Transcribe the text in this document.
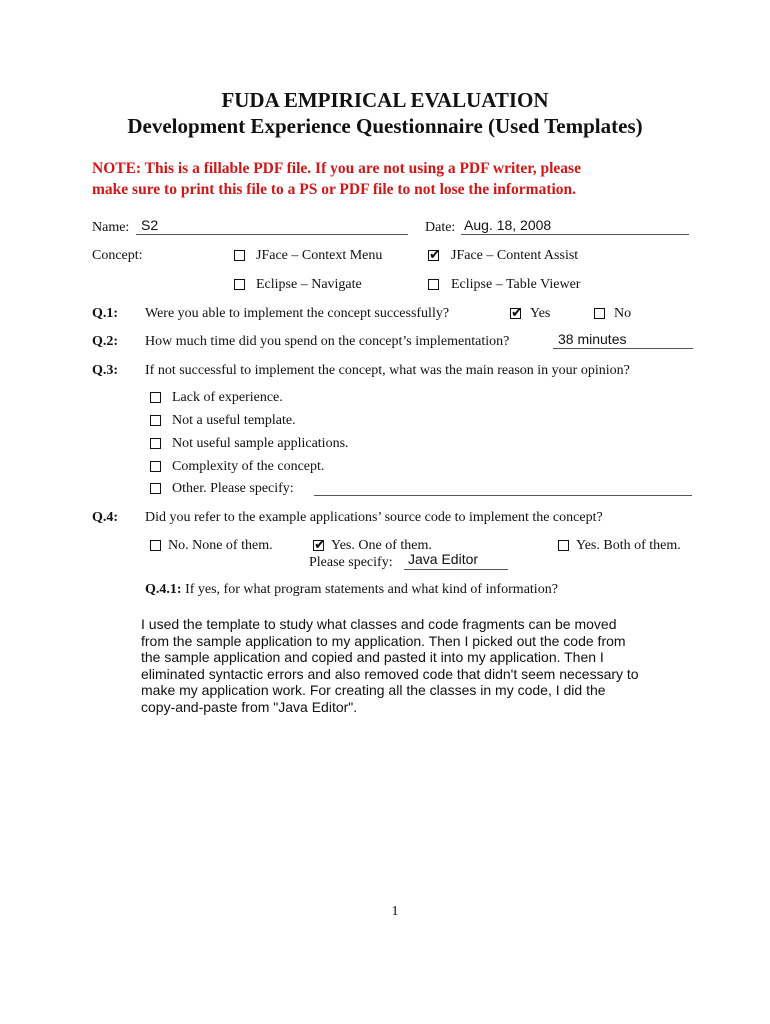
FUDA EMPIRICAL EVALUATION
Development Experience Questionnaire (Used Templates)
NOTE: This is a fillable PDF file. If you are not using a PDF writer, please
make sure to print this file to a PS or PDF file to not lose the information.
Name: S2	Date: Aug. 18, 2008
Concept:	JFace – Context Menu	✔ JFace – Content Assist
Eclipse – Navigate	Eclipse – Table Viewer
Q.1: Were you able to implement the concept successfully?	✔ Yes	No
Q.2: How much time did you spend on the concept’s implementation?	38 minutes
Q.3: If not successful to implement the concept, what was the main reason in your opinion?
Lack of experience.
Not a useful template.
Not useful sample applications.
Complexity of the concept.
Other. Please specify:
Q.4: Did you refer to the example applications’ source code to implement the concept?
No. None of them.	✔ Yes. One of them.	Yes. Both of them.
Please specify: Java Editor
Q.4.1: If yes, for what program statements and what kind of information?
I used the template to study what classes and code fragments can be moved
from the sample application to my application. Then I picked out the code from
the sample application and copied and pasted it into my application. Then I
eliminated syntactic errors and also removed code that didn't seem necessary to
make my application work. For creating all the classes in my code, I did the
copy-and-paste from "Java Editor".
1
